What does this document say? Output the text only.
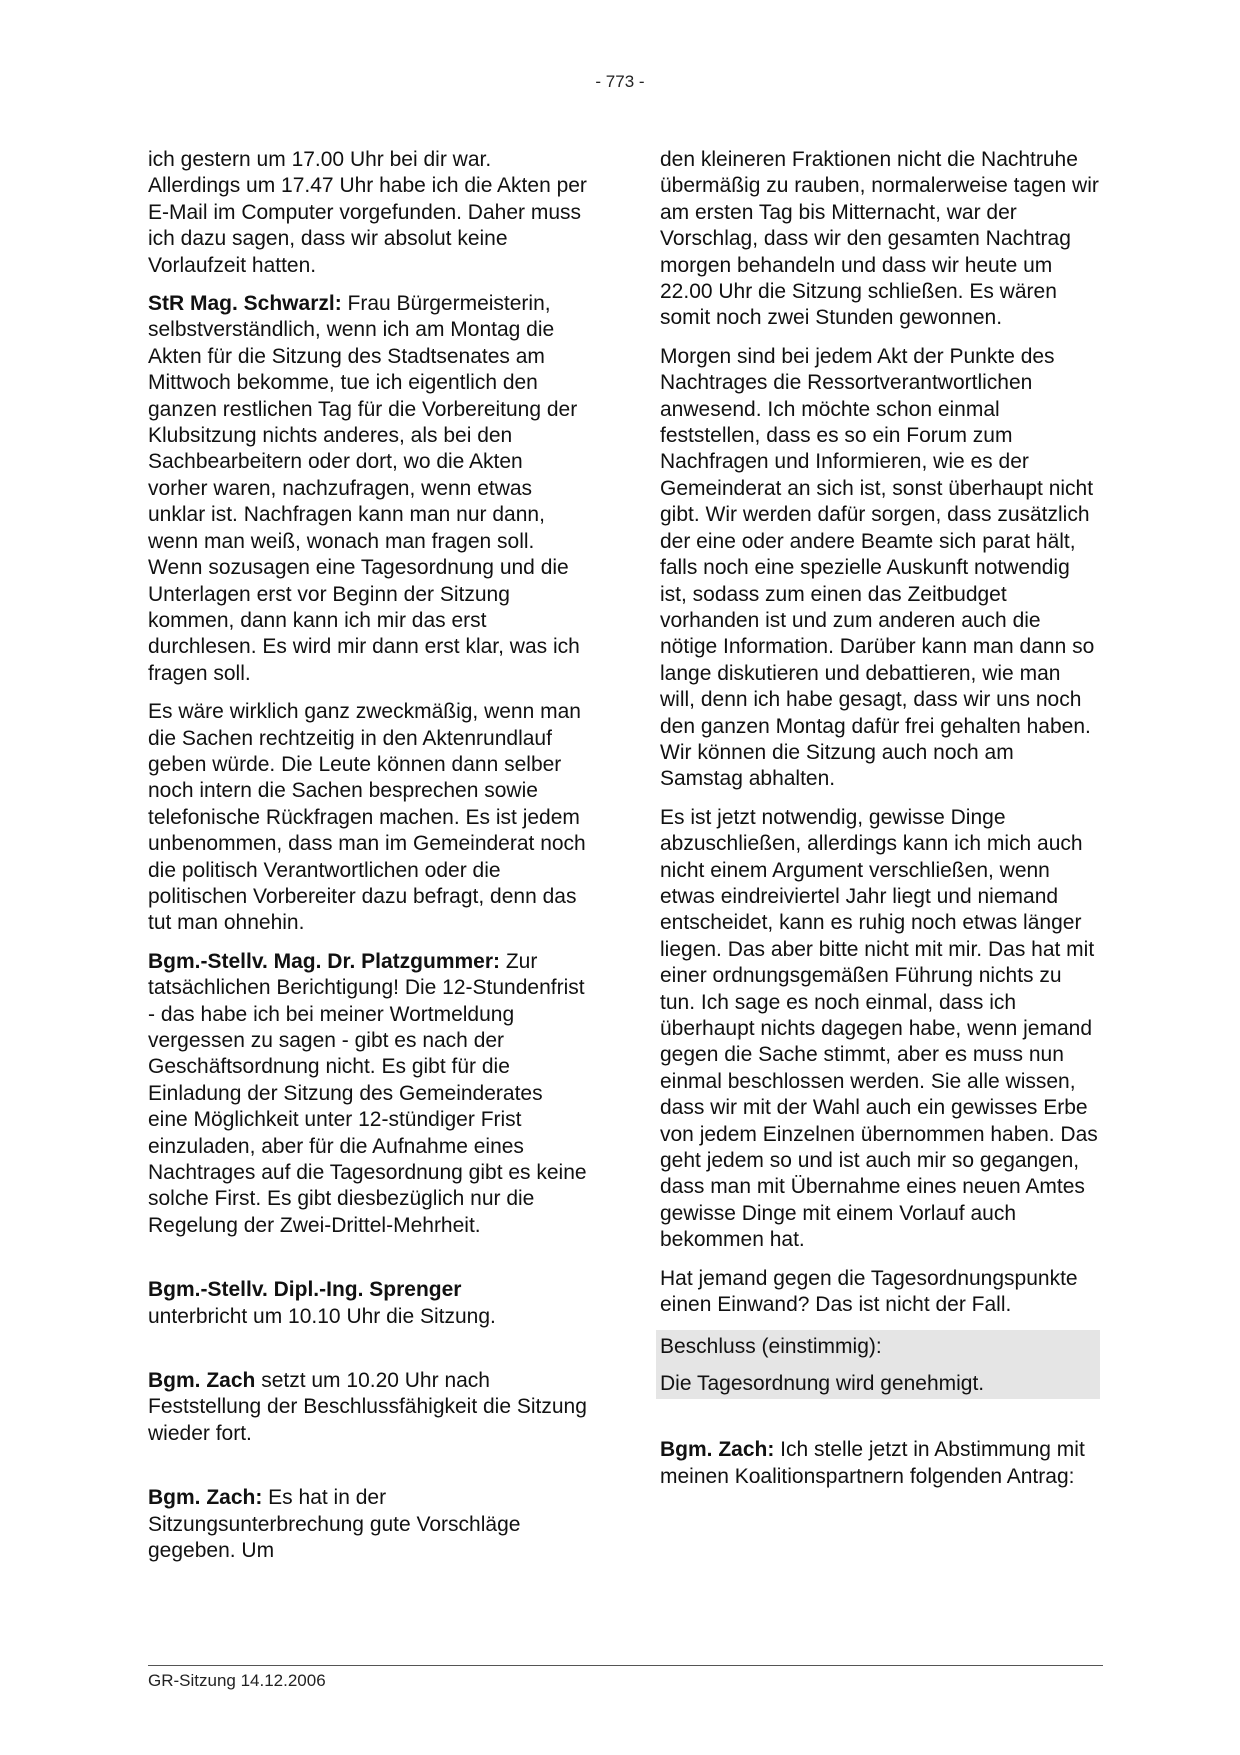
- 773 -

ich gestern um 17.00 Uhr bei dir war. Allerdings um 17.47 Uhr habe ich die Akten per E-Mail im Computer vorgefunden. Daher muss ich dazu sagen, dass wir absolut keine Vorlaufzeit hatten.

StR Mag. Schwarzl: Frau Bürgermeisterin, selbstverständlich, wenn ich am Montag die Akten für die Sitzung des Stadtsenates am Mittwoch bekomme, tue ich eigentlich den ganzen restlichen Tag für die Vorbereitung der Klubsitzung nichts anderes, als bei den Sachbearbeitern oder dort, wo die Akten vorher waren, nachzufragen, wenn etwas unklar ist. Nachfragen kann man nur dann, wenn man weiß, wonach man fragen soll. Wenn sozusagen eine Tagesordnung und die Unterlagen erst vor Beginn der Sitzung kommen, dann kann ich mir das erst durchlesen. Es wird mir dann erst klar, was ich fragen soll.

Es wäre wirklich ganz zweckmäßig, wenn man die Sachen rechtzeitig in den Aktenrundlauf geben würde. Die Leute können dann selber noch intern die Sachen besprechen sowie telefonische Rückfragen machen. Es ist jedem unbenommen, dass man im Gemeinderat noch die politisch Verantwortlichen oder die politischen Vorbereiter dazu befragt, denn das tut man ohnehin.

Bgm.-Stellv. Mag. Dr. Platzgummer: Zur tatsächlichen Berichtigung! Die 12-Stundenfrist - das habe ich bei meiner Wortmeldung vergessen zu sagen - gibt es nach der Geschäftsordnung nicht. Es gibt für die Einladung der Sitzung des Gemeinderates eine Möglichkeit unter 12-stündiger Frist einzuladen, aber für die Aufnahme eines Nachtrages auf die Tagesordnung gibt es keine solche First. Es gibt diesbezüglich nur die Regelung der Zwei-Drittel-Mehrheit.

Bgm.-Stellv. Dipl.-Ing. Sprenger
unterbricht um 10.10 Uhr die Sitzung.

Bgm. Zach setzt um 10.20 Uhr nach Feststellung der Beschlussfähigkeit die Sitzung wieder fort.

Bgm. Zach: Es hat in der Sitzungsunterbrechung gute Vorschläge gegeben. Um

den kleineren Fraktionen nicht die Nachtruhe übermäßig zu rauben, normalerweise tagen wir am ersten Tag bis Mitternacht, war der Vorschlag, dass wir den gesamten Nachtrag morgen behandeln und dass wir heute um 22.00 Uhr die Sitzung schließen. Es wären somit noch zwei Stunden gewonnen.

Morgen sind bei jedem Akt der Punkte des Nachtrages die Ressortverantwortlichen anwesend. Ich möchte schon einmal feststellen, dass es so ein Forum zum Nachfragen und Informieren, wie es der Gemeinderat an sich ist, sonst überhaupt nicht gibt. Wir werden dafür sorgen, dass zusätzlich der eine oder andere Beamte sich parat hält, falls noch eine spezielle Auskunft notwendig ist, sodass zum einen das Zeitbudget vorhanden ist und zum anderen auch die nötige Information. Darüber kann man dann so lange diskutieren und debattieren, wie man will, denn ich habe gesagt, dass wir uns noch den ganzen Montag dafür frei gehalten haben. Wir können die Sitzung auch noch am Samstag abhalten.

Es ist jetzt notwendig, gewisse Dinge abzuschließen, allerdings kann ich mich auch nicht einem Argument verschließen, wenn etwas eindreiviertel Jahr liegt und niemand entscheidet, kann es ruhig noch etwas länger liegen. Das aber bitte nicht mit mir. Das hat mit einer ordnungsgemäßen Führung nichts zu tun. Ich sage es noch einmal, dass ich überhaupt nichts dagegen habe, wenn jemand gegen die Sache stimmt, aber es muss nun einmal beschlossen werden. Sie alle wissen, dass wir mit der Wahl auch ein gewisses Erbe von jedem Einzelnen übernommen haben. Das geht jedem so und ist auch mir so gegangen, dass man mit Übernahme eines neuen Amtes gewisse Dinge mit einem Vorlauf auch bekommen hat.

Hat jemand gegen die Tagesordnungspunkte einen Einwand? Das ist nicht der Fall.

Beschluss (einstimmig):

Die Tagesordnung wird genehmigt.

Bgm. Zach: Ich stelle jetzt in Abstimmung mit meinen Koalitionspartnern folgenden Antrag:

GR-Sitzung 14.12.2006
